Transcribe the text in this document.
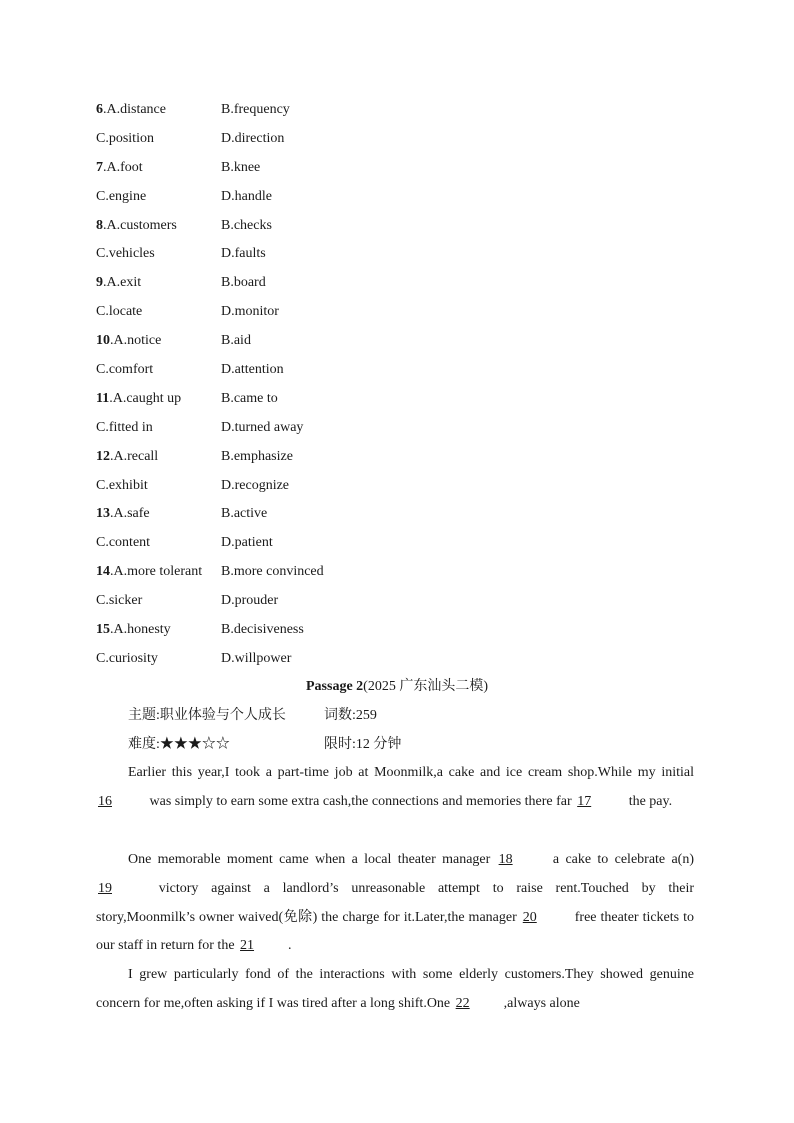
6.A.distance	B.frequency
C.position	D.direction
7.A.foot	B.knee
C.engine	D.handle
8.A.customers	B.checks
C.vehicles	D.faults
9.A.exit	B.board
C.locate	D.monitor
10.A.notice	B.aid
C.comfort	D.attention
11.A.caught up	B.came to
C.fitted in	D.turned away
12.A.recall	B.emphasize
C.exhibit	D.recognize
13.A.safe	B.active
C.content	D.patient
14.A.more tolerant B.more convinced
C.sicker	D.prouder
15.A.honesty	B.decisiveness
C.curiosity	D.willpower
Passage 2(2025 广东汕头二模)
主题:职业体验与个人成长	词数:259
难度:★★★☆☆	限时:12 分钟
Earlier this year,I took a part-time job at Moonmilk,a cake and ice cream shop.While my initial 16 was simply to earn some extra cash,the connections and memories there far 17 the pay.
One memorable moment came when a local theater manager 18 a cake to celebrate a(n) 19 victory against a landlord’s unreasonable attempt to raise rent.Touched by their story,Moonmilk’s owner waived(免除) the charge for it.Later,the manager 20 free theater tickets to our staff in return for the 21 .
I grew particularly fond of the interactions with some elderly customers.They showed genuine concern for me,often asking if I was tired after a long shift.One 22 ,always alone
